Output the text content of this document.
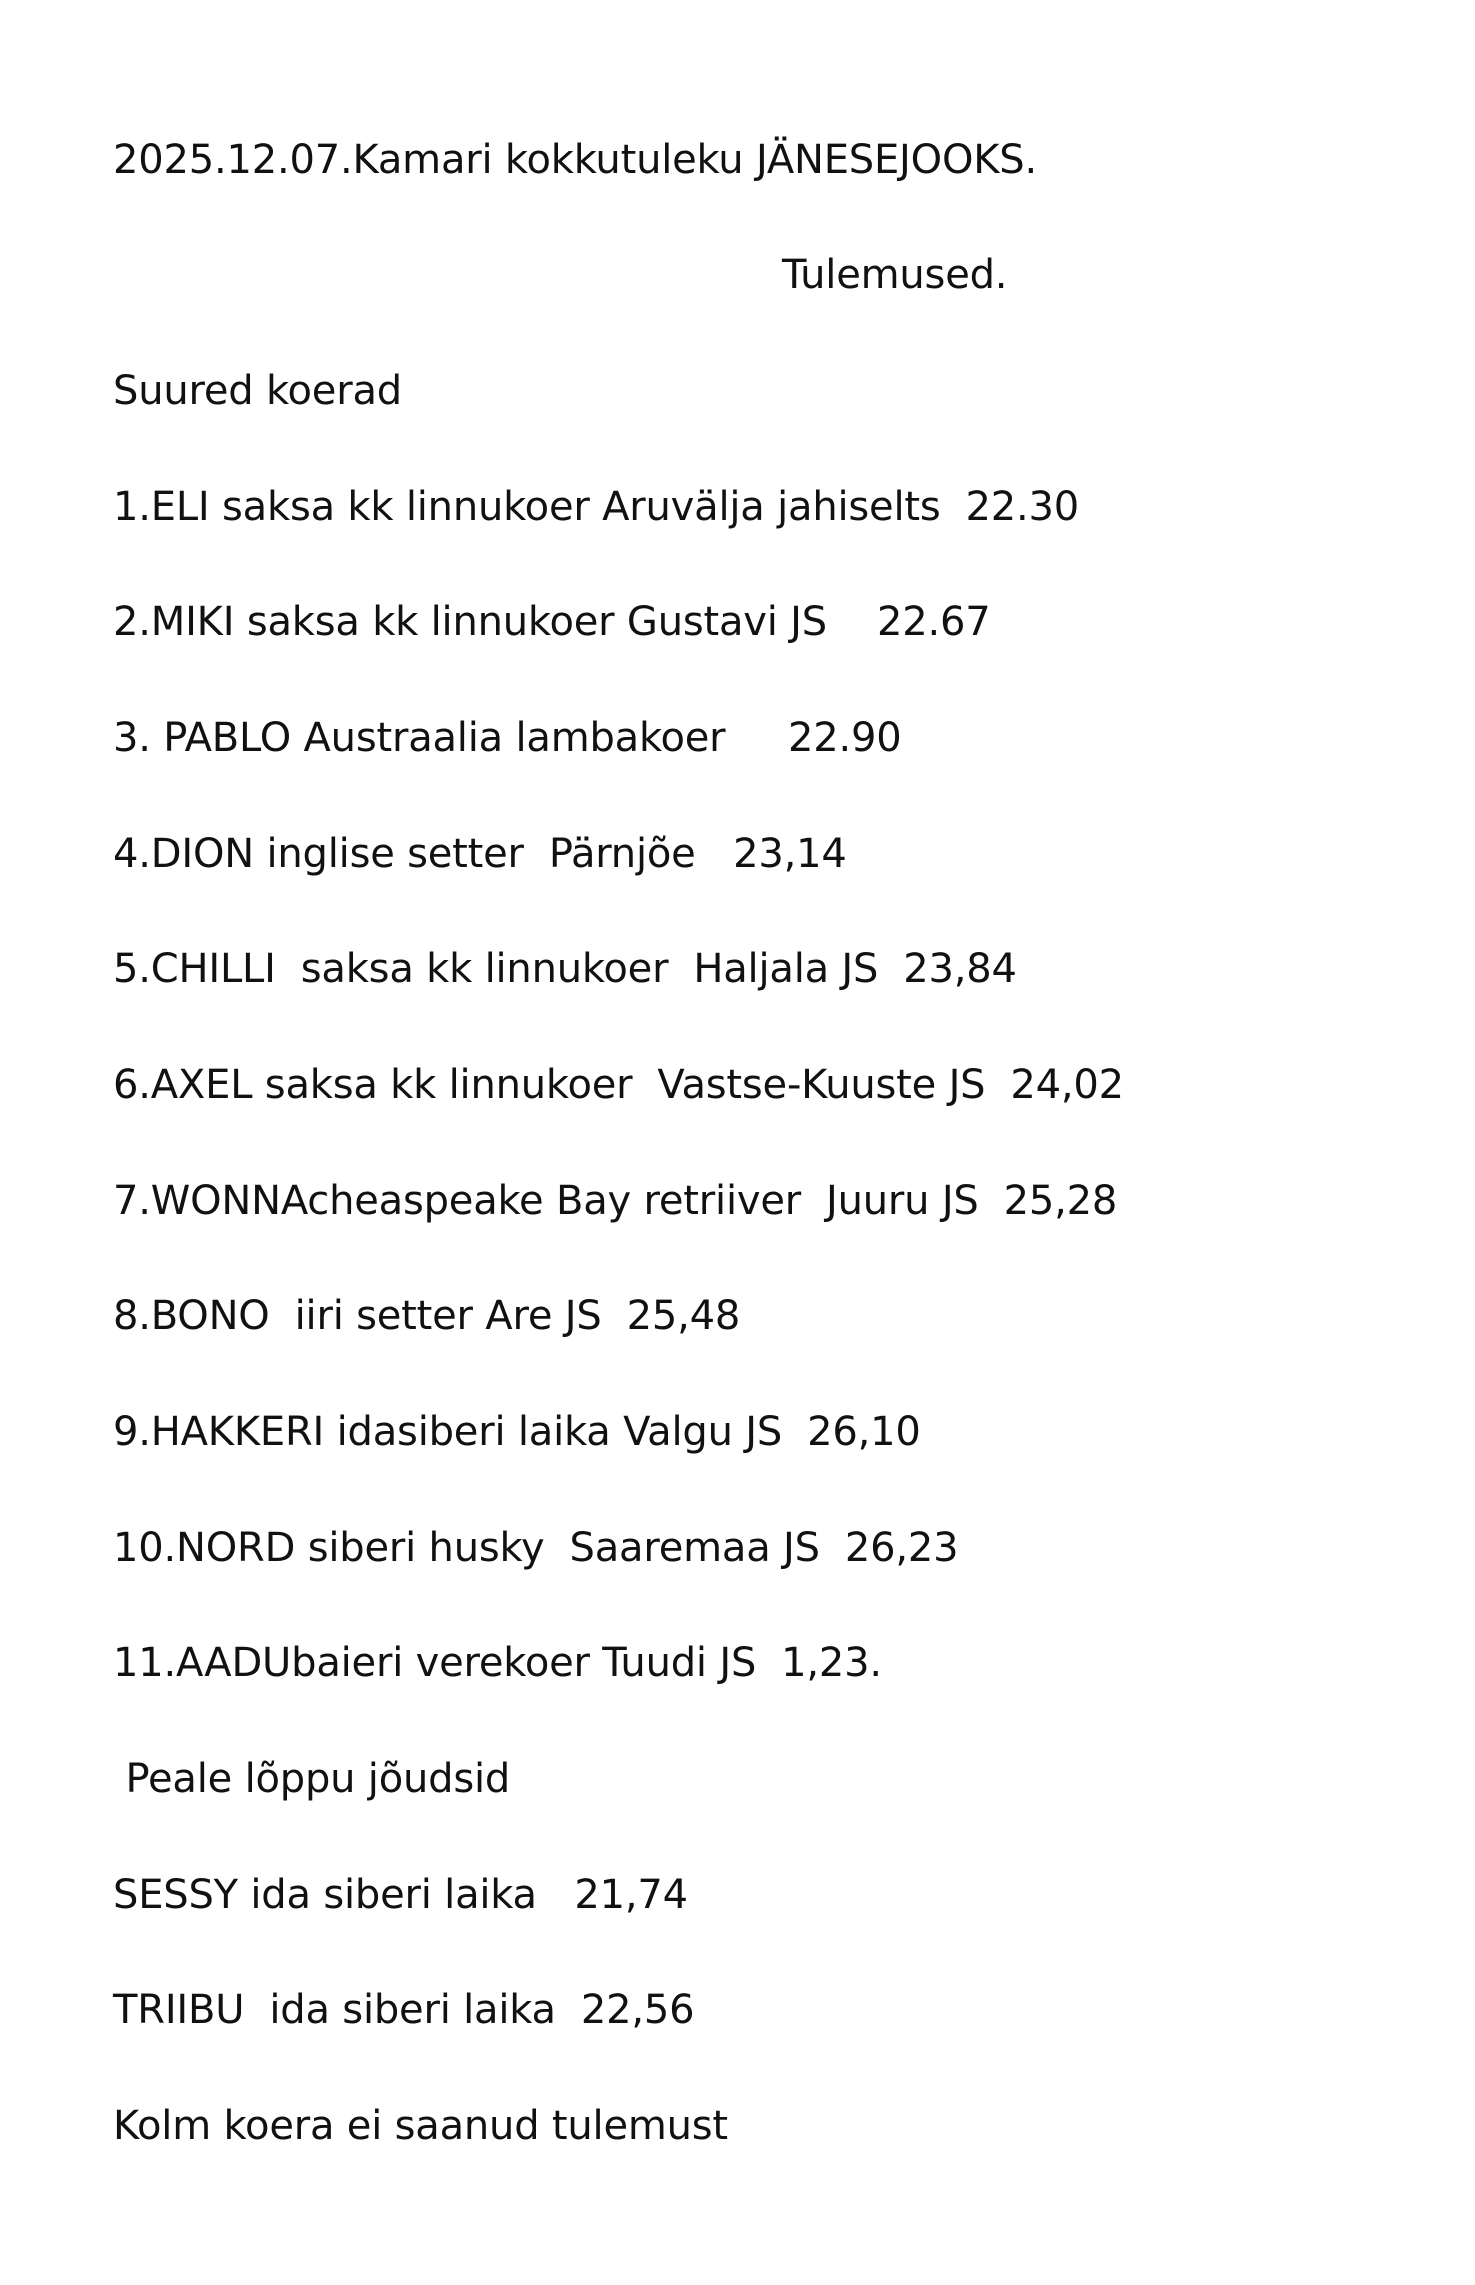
2025.12.07.Kamari kokkutuleku JÄNESEJOOKS.
Tulemused.
Suured koerad
1.ELI saksa kk linnukoer Aruvälja jahiselts  22.30
2.MIKI saksa kk linnukoer Gustavi JS    22.67
3. PABLO Austraalia lambakoer     22.90
4.DION inglise setter  Pärnjõe   23,14
5.CHILLI  saksa kk linnukoer  Haljala JS  23,84
6.AXEL saksa kk linnukoer  Vastse-Kuuste JS  24,02
7.WONNAcheaspeake Bay retriiver  Juuru JS  25,28
8.BONO  iiri setter Are JS  25,48
9.HAKKERI idasiberi laika Valgu JS  26,10
10.NORD siberi husky  Saaremaa JS  26,23
11.AADUbaieri verekoer Tuudi JS  1,23.
Peale lõppu jõudsid
SESSY ida siberi laika   21,74
TRIIBU  ida siberi laika  22,56
Kolm koera ei saanud tulemust
